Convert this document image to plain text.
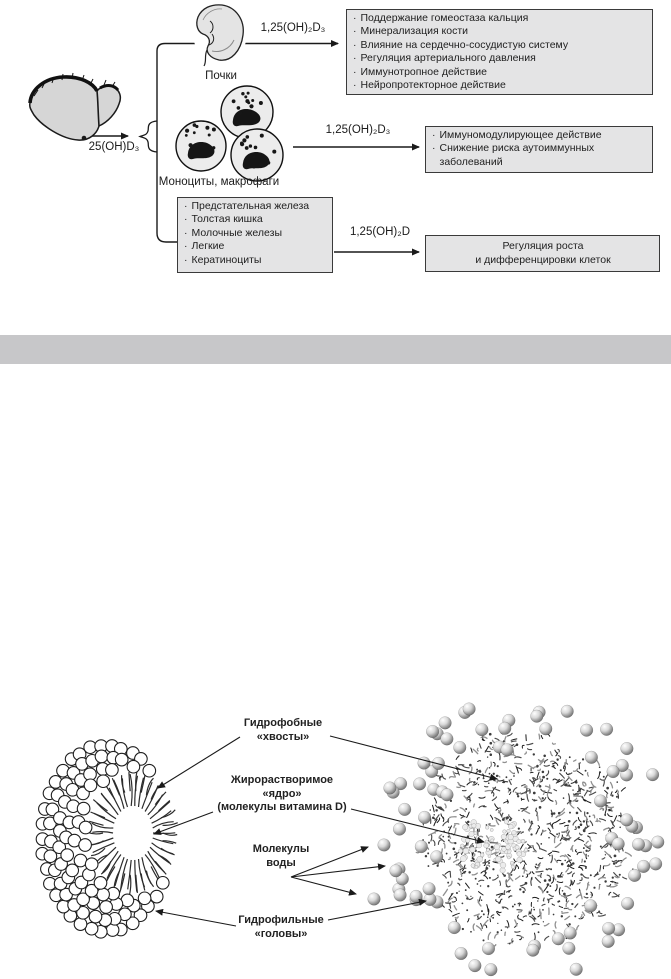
· Поддержание гомеостаза кальция
· Минерализация кости
· Влияние на сердечно-сосудистую систему
· Регуляция артериального давления
· Иммунотропное действие
· Нейропротекторное действие
· Иммуномодулирующее действие
· Снижение риска аутоиммунных заболеваний
· Предстательная железа
· Толстая кишка
· Молочные железы
· Легкие
· Кератиноциты
Регуляция роста
и дифференцировки клеток
25(OH)D₃
1,25(OH)₂D₃
Почки
1,25(OH)₂D₃
Моноциты, макрофаги
1,25(OH)₂D
Гидрофобные
«хвосты»
Жирорастворимое
«ядро»
(молекулы витамина D)
Молекулы
воды
Гидрофильные
«головы»
